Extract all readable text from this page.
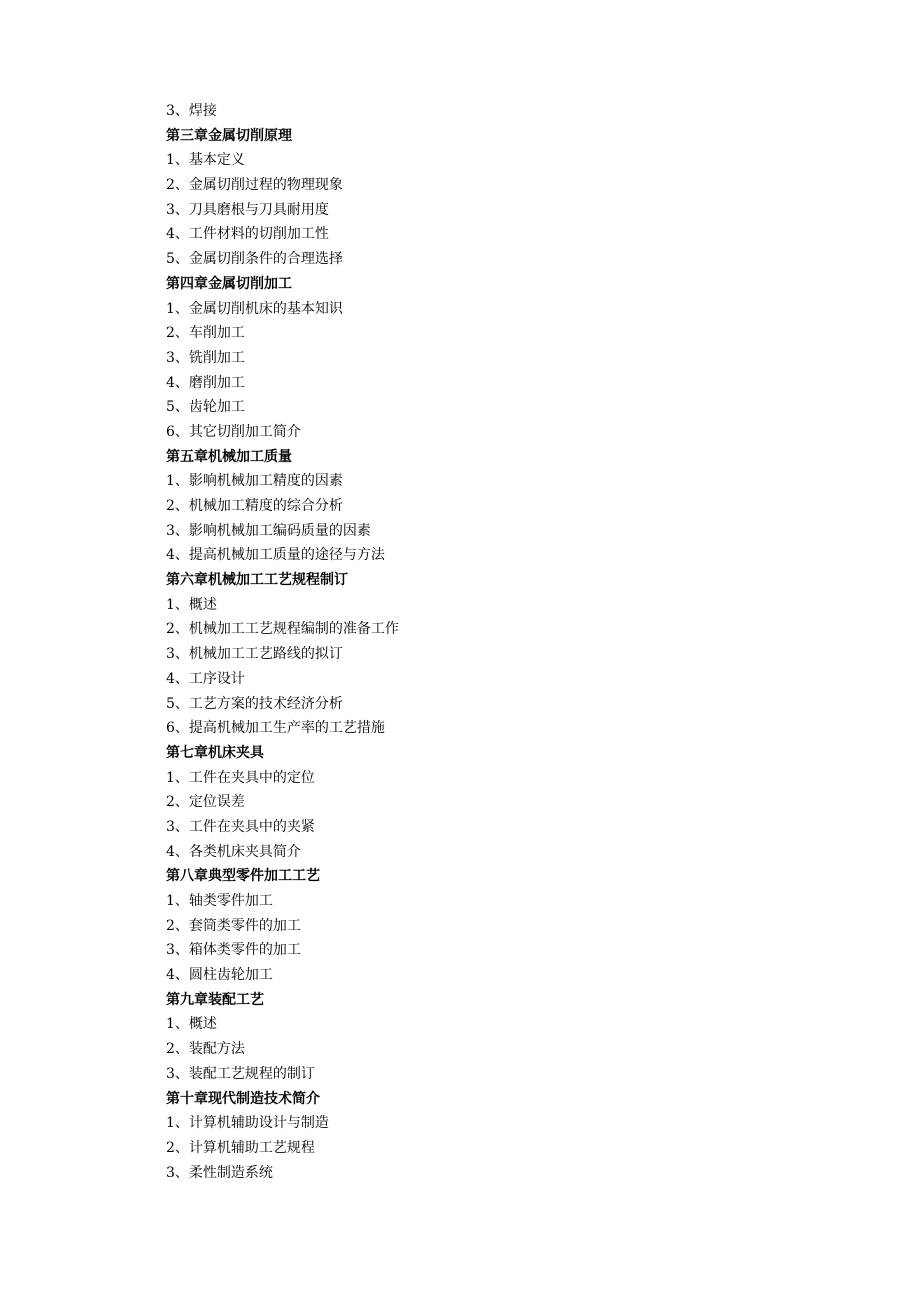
3、焊接
第三章金属切削原理
1、基本定义
2、金属切削过程的物理现象
3、刀具磨根与刀具耐用度
4、工件材料的切削加工性
5、金属切削条件的合理选择
第四章金属切削加工
1、金属切削机床的基本知识
2、车削加工
3、铣削加工
4、磨削加工
5、齿轮加工
6、其它切削加工简介
第五章机械加工质量
1、影响机械加工精度的因素
2、机械加工精度的综合分析
3、影响机械加工编码质量的因素
4、提高机械加工质量的途径与方法
第六章机械加工工艺规程制订
1、概述
2、机械加工工艺规程编制的准备工作
3、机械加工工艺路线的拟订
4、工序设计
5、工艺方案的技术经济分析
6、提高机械加工生产率的工艺措施
第七章机床夹具
1、工件在夹具中的定位
2、定位误差
3、工件在夹具中的夹紧
4、各类机床夹具简介
第八章典型零件加工工艺
1、轴类零件加工
2、套筒类零件的加工
3、箱体类零件的加工
4、圆柱齿轮加工
第九章装配工艺
1、概述
2、装配方法
3、装配工艺规程的制订
第十章现代制造技术简介
1、计算机辅助设计与制造
2、计算机辅助工艺规程
3、柔性制造系统
